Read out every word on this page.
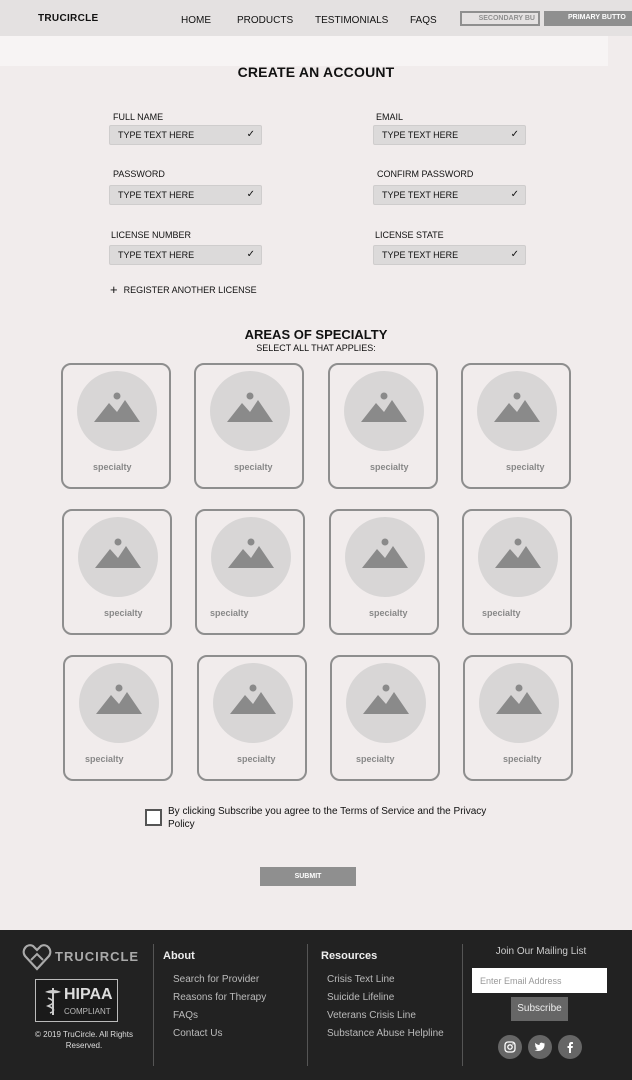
TRUCIRCLE	HOME	PRODUCTS TESTIMONIALS FAQS	SECONDARY BU	PRIMARY BUTTO
CREATE AN ACCOUNT
FULL NAME
TYPE TEXT HERE	✓
EMAIL
TYPE TEXT HERE	✓
PASSWORD
TYPE TEXT HERE	✓
CONFIRM PASSWORD
TYPE TEXT HERE	✓
LICENSE NUMBER
TYPE TEXT HERE	✓
LICENSE STATE
TYPE TEXT HERE	✓
+ REGISTER ANOTHER LICENSE
AREAS OF SPECIALTY
SELECT ALL THAT APPLIES:
specialty	specialty	specialty	specialty
specialty	specialty	specialty	specialty
specialty	specialty	specialty	specialty
By clicking Subscribe you agree to the Terms of Service and the Privacy Policy
SUBMIT
TRUCIRCLE
HIPAA
COMPLIANT
© 2019 TruCircle. All Rights Reserved.
About
Search for Provider
Reasons for Therapy
FAQs
Contact Us
Resources
Crisis Text Line
Suicide Lifeline
Veterans Crisis Line
Substance Abuse Helpline
Join Our Mailing List
Enter Email Address
Subscribe
